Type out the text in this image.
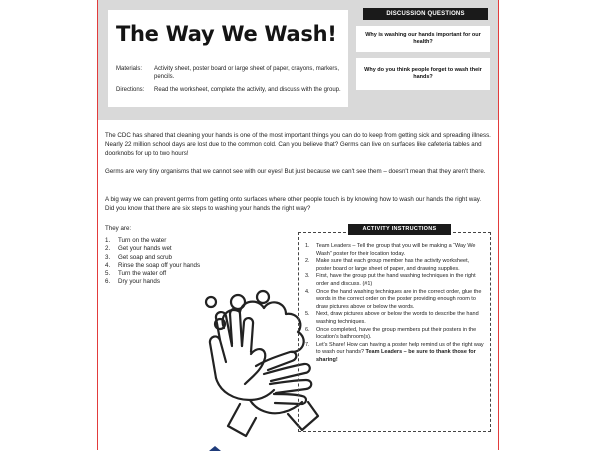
The Way We Wash!
Materials:	Activity sheet, poster board or large sheet of paper, crayons, markers, pencils.
Directions:	Read the worksheet, complete the activity, and discuss with the group.
DISCUSSION QUESTIONS
Why is washing our hands important for our health?
Why do you think people forget to wash their hands?
The CDC has shared that cleaning your hands is one of the most important things you can do to keep from getting sick and spreading illness. Nearly 22 million school days are lost due to the common cold. Can you believe that? Germs can live on surfaces like cafeteria tables and doorknobs for up to two hours!
Germs are very tiny organisms that we cannot see with our eyes! But just because we can't see them – doesn't mean that they aren't there.
A big way we can prevent germs from getting onto surfaces where other people touch is by knowing how to wash our hands the right way. Did you know that there are six steps to washing your hands the right way?
They are:
1. Turn on the water
2. Get your hands wet
3. Get soap and scrub
4. Rinse the soap off your hands
5. Turn the water off
6. Dry your hands
ACTIVITY INSTRUCTIONS
1. Team Leaders – Tell the group that you will be making a “Way We Wash” poster for their location today.
2. Make sure that each group member has the activity worksheet, poster board or large sheet of paper, and drawing supplies.
3. First, have the group put the hand washing techniques in the right order and discuss. (#1)
4. Once the hand washing techniques are in the correct order, glue the words in the correct order on the poster providing enough room to draw pictures above or below the words.
5. Next, draw pictures above or below the words to describe the hand washing techniques.
6. Once completed, have the group members put their posters in the location's bathroom(s).
7. Let's Share! How can having a poster help remind us of the right way to wash our hands? Team Leaders – be sure to thank those for sharing!
